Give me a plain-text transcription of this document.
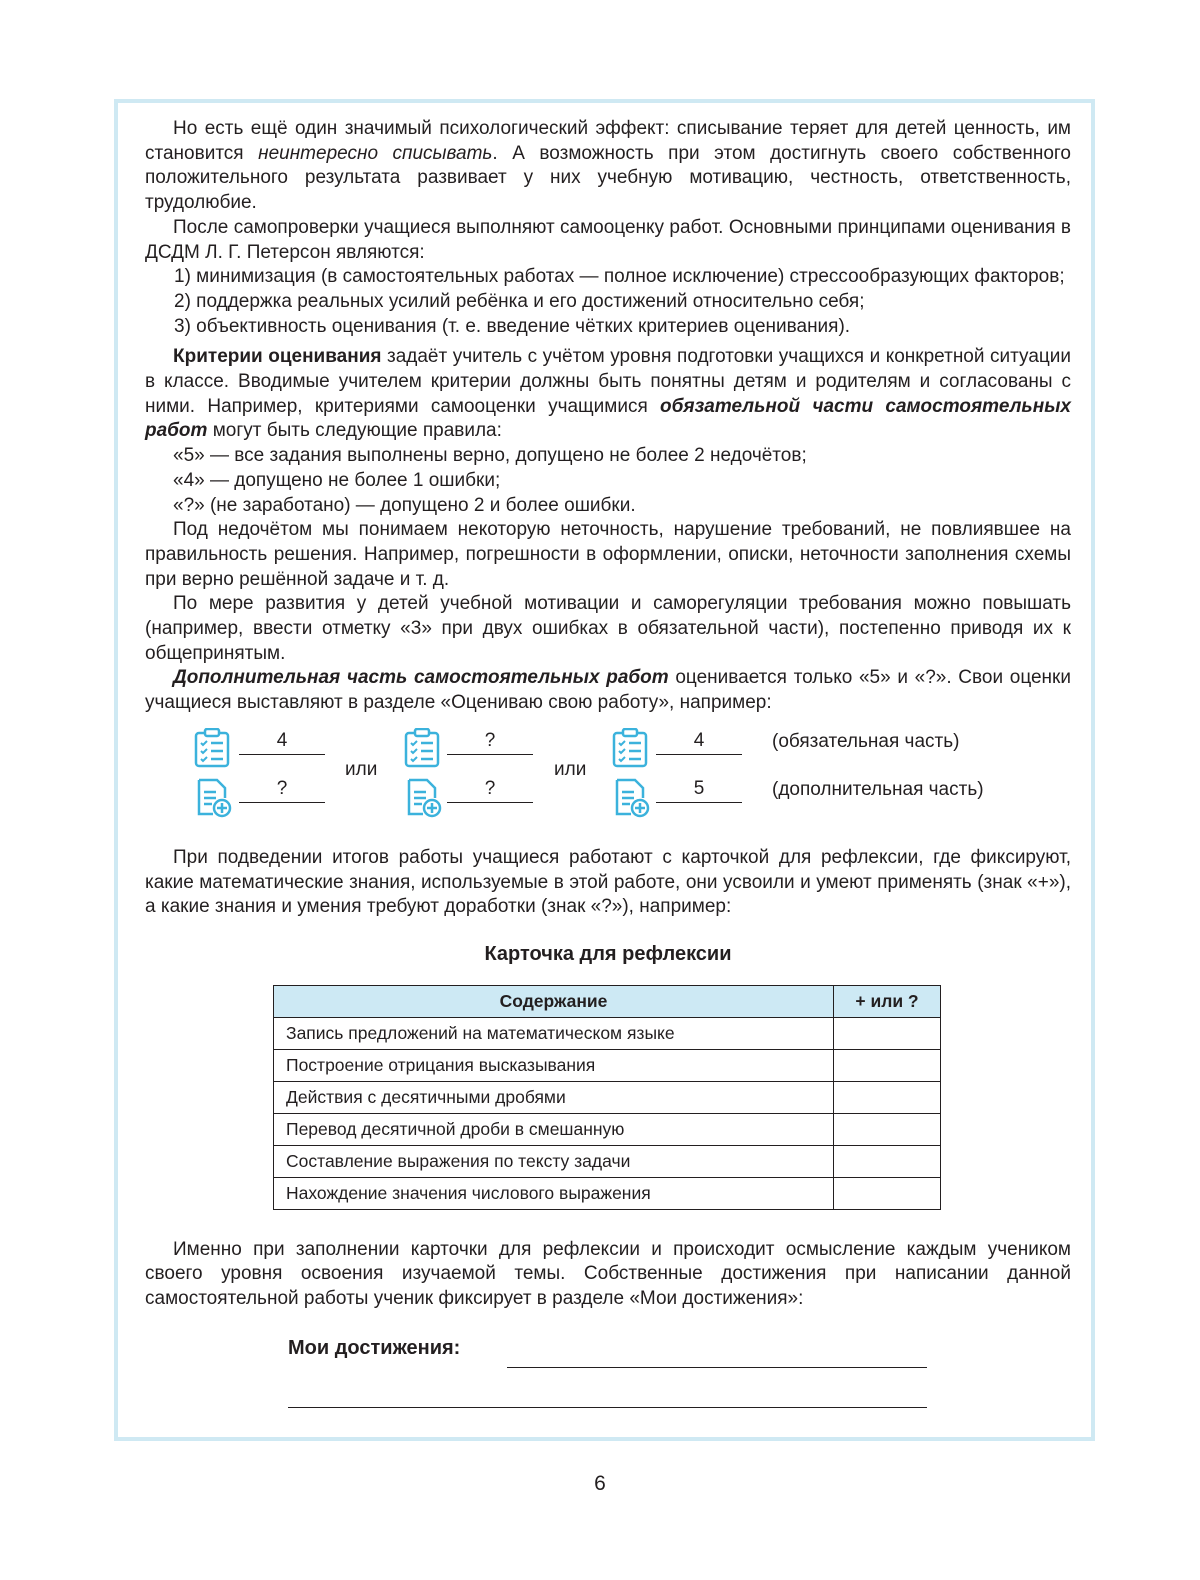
Но есть ещё один значимый психологический эффект: списывание теряет для детей ценность, им становится неинтересно списывать. А возможность при этом достигнуть своего собственного положительного результата развивает у них учебную мотивацию, честность, ответственность, трудолюбие.

После самопроверки учащиеся выполняют самооценку работ. Основными принципами оценивания в ДСДМ Л. Г. Петерсон являются:

1) минимизация (в самостоятельных работах — полное исключение) стрессообразующих факторов;
2) поддержка реальных усилий ребёнка и его достижений относительно себя;
3) объективность оценивания (т. е. введение чётких критериев оценивания).

Критерии оценивания задаёт учитель с учётом уровня подготовки учащихся и конкретной ситуации в классе. Вводимые учителем критерии должны быть понятны детям и родителям и согласованы с ними. Например, критериями самооценки учащимися обязательной части самостоятельных работ могут быть следующие правила:

«5» — все задания выполнены верно, допущено не более 2 недочётов;
«4» — допущено не более 1 ошибки;
«?» (не заработано) — допущено 2 и более ошибки.

Под недочётом мы понимаем некоторую неточность, нарушение требований, не повлиявшее на правильность решения. Например, погрешности в оформлении, описки, неточности заполнения схемы при верно решённой задаче и т. д.

По мере развития у детей учебной мотивации и саморегуляции требования можно повышать (например, ввести отметку «3» при двух ошибках в обязательной части), постепенно приводя их к общепринятым.

Дополнительная часть самостоятельных работ оценивается только «5» и «?». Свои оценки учащиеся выставляют в разделе «Оцениваю свою работу», например:

4
?
или
?
?
или
4
5
(обязательная часть)
(дополнительная часть)

При подведении итогов работы учащиеся работают с карточкой для рефлексии, где фиксируют, какие математические знания, используемые в этой работе, они усвоили и умеют применять (знак «+»), а какие знания и умения требуют доработки (знак «?»), например:

Карточка для рефлексии
Содержание	+ или ?
Запись предложений на математическом языке	
Построение отрицания высказывания	
Действия с десятичными дробями	
Перевод десятичной дроби в смешанную	
Составление выражения по тексту задачи	
Нахождение значения числового выражения	

Именно при заполнении карточки для рефлексии и происходит осмысление каждым учеником своего уровня освоения изучаемой темы. Собственные достижения при написании данной самостоятельной работы ученик фиксирует в разделе «Мои достижения»:

Мои достижения:
6
